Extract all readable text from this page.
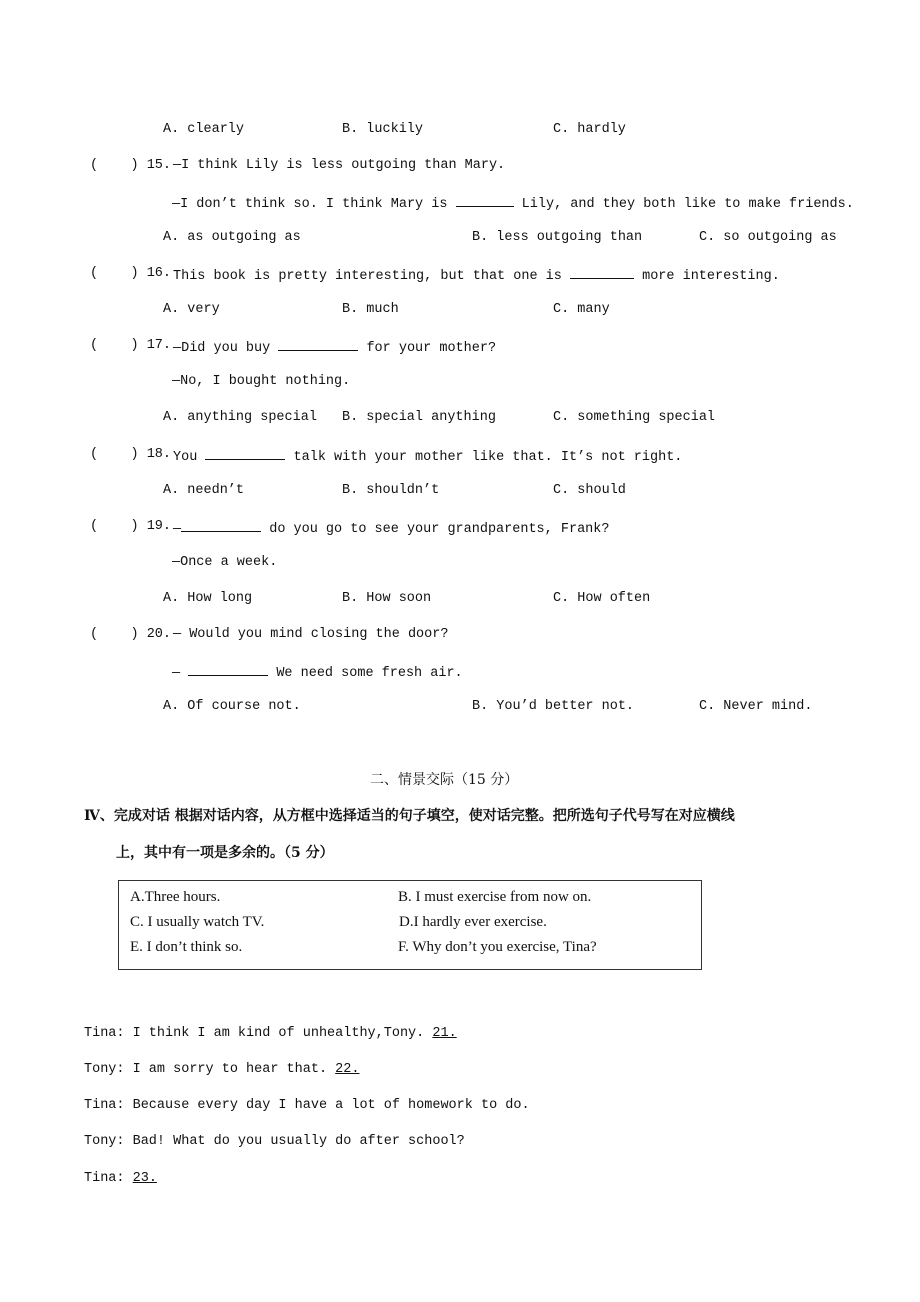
A. clearly	B. luckily	C. hardly
(    ) 15. —I think Lily is less outgoing than Mary.
—I don’t think so. I think Mary is	Lily, and they both like to make friends.
A. as outgoing as	B. less outgoing than	C. so outgoing as
(    ) 16. This book is pretty interesting, but that one is	more interesting.
A. very	B. much	C. many
(    ) 17. —Did you buy	for your mother?
—No, I bought nothing.
A. anything special B. special anything	C. something special
(    ) 18. You	talk with your mother like that. It’s not right.
A. needn’t	B. shouldn’t	C. should
(    ) 19. —	do you go to see your grandparents, Frank?
—Once a week.
A. How long	B. How soon	C. How often
(    ) 20. — Would you mind closing the door?
—	We need some fresh air.
A. Of course not.	B. You’d better not.	C. Never mind.
二、情景交际（15 分）
Ⅳ、完成对话 根据对话内容，从方框中选择适当的句子填空，使对话完整。把所选句子代号写在对应横线
上，其中有一项是多余的。（5 分）
A.Three hours.	B. I must exercise from now on.
C. I usually watch TV.	D.I hardly ever exercise.
E. I don’t think so.	F. Why don’t you exercise, Tina?
Tina: I think I am kind of unhealthy,Tony. 21.
Tony: I am sorry to hear that. 22.
Tina: Because every day I have a lot of homework to do.
Tony: Bad! What do you usually do after school?
Tina: 23.
